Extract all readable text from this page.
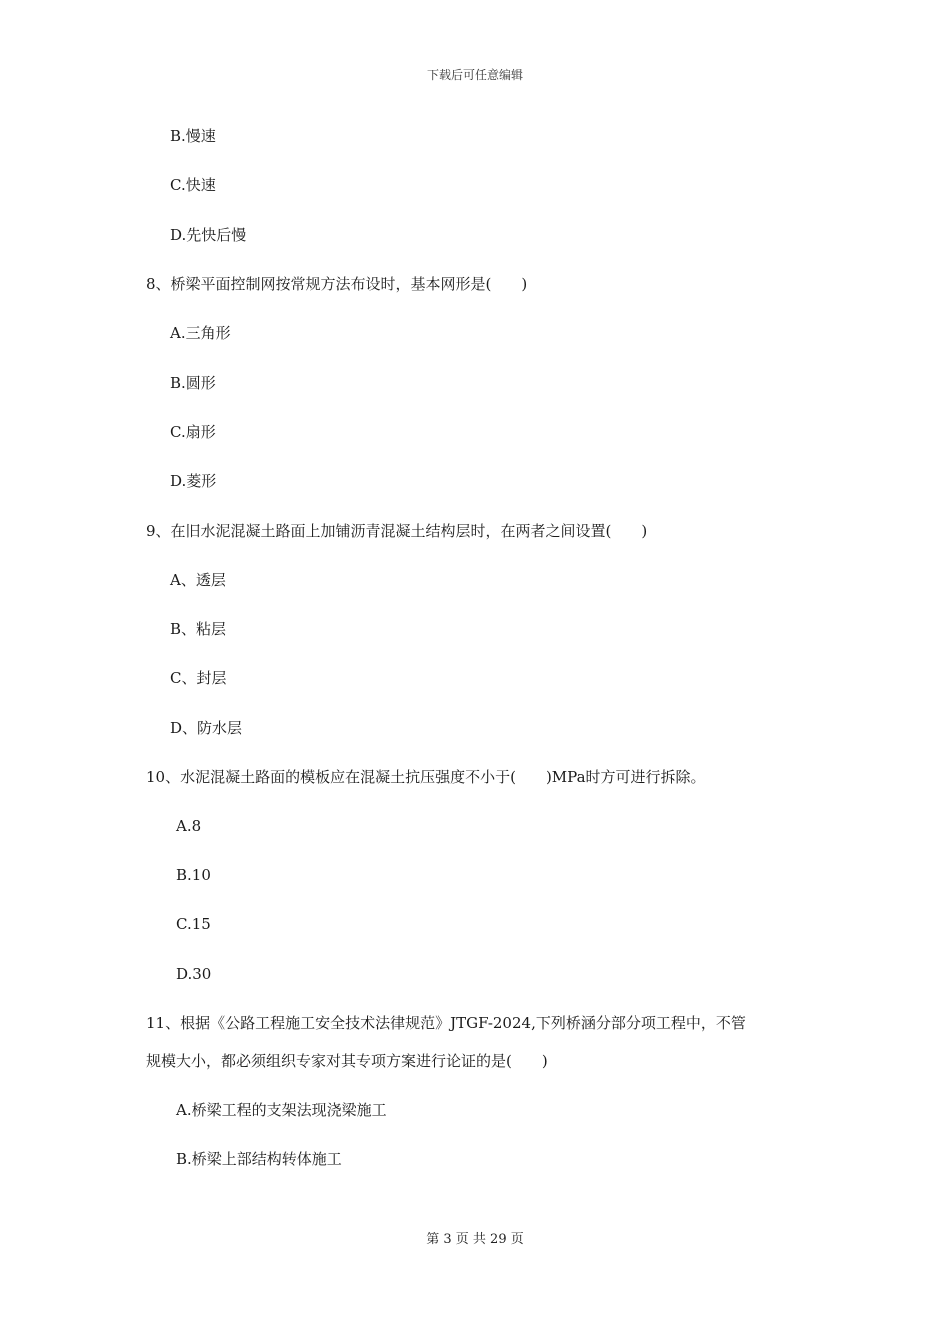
下载后可任意编辑
B.慢速
C.快速
D.先快后慢
8、桥梁平面控制网按常规方法布设时，基本网形是(　　)
A.三角形
B.圆形
C.扇形
D.菱形
9、在旧水泥混凝土路面上加铺沥青混凝土结构层时，在两者之间设置(　　)
A、透层
B、粘层
C、封层
D、防水层
10、水泥混凝土路面的模板应在混凝土抗压强度不小于(　　)MPa时方可进行拆除。
A.8
B.10
C.15
D.30
11、根据《公路工程施工安全技术法律规范》JTGF-2024,下列桥涵分部分项工程中，不管
规模大小，都必须组织专家对其专项方案进行论证的是(　　)
A.桥梁工程的支架法现浇梁施工
B.桥梁上部结构转体施工
第 3 页 共 29 页
